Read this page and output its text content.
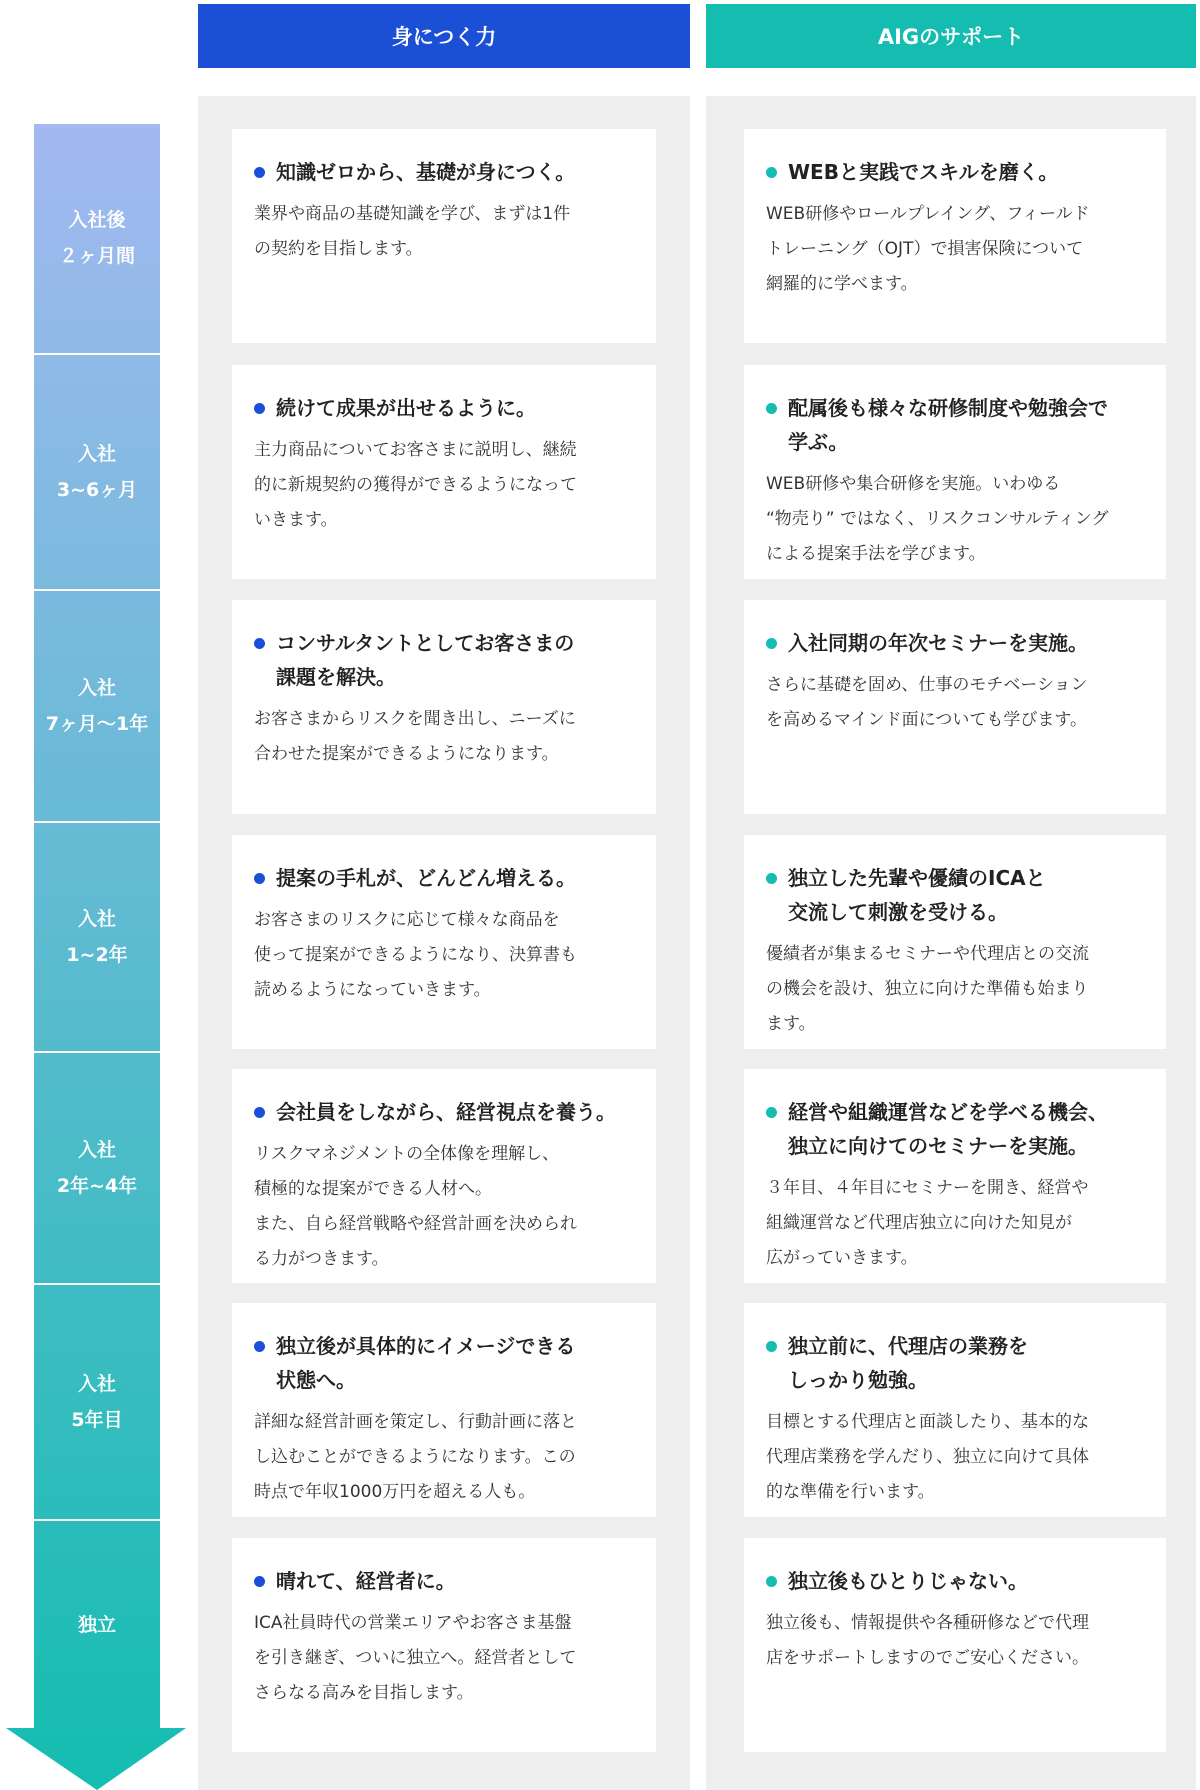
身につく力	AIGのサポート
入社後
２ヶ月間
入社
3~6ヶ月
入社
7ヶ月〜1年
入社
1~2年
入社
2年~4年
入社
5年目
独立
知識ゼロから、基礎が身につく。
業界や商品の基礎知識を学び、まずは1件
の契約を目指します。
WEBと実践でスキルを磨く。
WEB研修やロールプレイング、フィールド
トレーニング（OJT）で損害保険について
網羅的に学べます。
続けて成果が出せるように。
主力商品についてお客さまに説明し、継続
的に新規契約の獲得ができるようになって
いきます。
配属後も様々な研修制度や勉強会で
学ぶ。
WEB研修や集合研修を実施。いわゆる
“物売り” ではなく、リスクコンサルティング
による提案手法を学びます。
コンサルタントとしてお客さまの
課題を解決。
お客さまからリスクを聞き出し、ニーズに
合わせた提案ができるようになります。
入社同期の年次セミナーを実施。
さらに基礎を固め、仕事のモチベーション
を高めるマインド面についても学びます。
提案の手札が、どんどん増える。
お客さまのリスクに応じて様々な商品を
使って提案ができるようになり、決算書も
読めるようになっていきます。
独立した先輩や優績のICAと
交流して刺激を受ける。
優績者が集まるセミナーや代理店との交流
の機会を設け、独立に向けた準備も始まり
ます。
会社員をしながら、経営視点を養う。
リスクマネジメントの全体像を理解し、
積極的な提案ができる人材へ。
また、自ら経営戦略や経営計画を決められ
る力がつきます。
経営や組織運営などを学べる機会、
独立に向けてのセミナーを実施。
３年目、４年目にセミナーを開き、経営や
組織運営など代理店独立に向けた知見が
広がっていきます。
独立後が具体的にイメージできる
状態へ。
詳細な経営計画を策定し、行動計画に落と
し込むことができるようになります。この
時点で年収1000万円を超える人も。
独立前に、代理店の業務を
しっかり勉強。
目標とする代理店と面談したり、基本的な
代理店業務を学んだり、独立に向けて具体
的な準備を行います。
晴れて、経営者に。
ICA社員時代の営業エリアやお客さま基盤
を引き継ぎ、ついに独立へ。経営者として
さらなる高みを目指します。
独立後もひとりじゃない。
独立後も、情報提供や各種研修などで代理
店をサポートしますのでご安心ください。
